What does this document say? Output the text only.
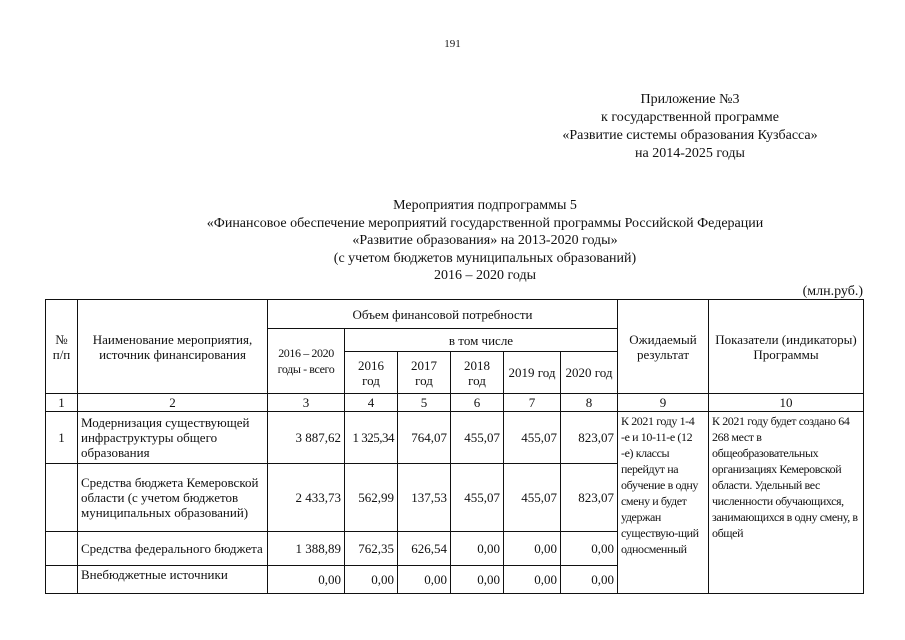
191
Приложение №3
к государственной программе
«Развитие системы образования Кузбасса»
на 2014-2025 годы
Мероприятия подпрограммы 5
«Финансовое обеспечение мероприятий государственной программы Российской Федерации
«Развитие образования» на 2013-2020 годы»
(с учетом бюджетов муниципальных образований)
2016 – 2020 годы
(млн.руб.)
№ п/п	Наименование мероприятия, источник финансирования	Объем финансовой потребности						Ожидаемый результат	Показатели (индикаторы) Программы
		2016 – 2020 годы - всего	в том числе						
			2016 год	2017 год	2018 год	2019 год	2020 год		
1	2	3	4	5	6	7	8	9	10
1	Модернизация существующей инфраструктуры общего образования	3 887,62	1 325,34	764,07	455,07	455,07	823,07	К 2021 году 1-4 -е и 10-11-е (12 -е) классы перейдут на обучение в одну смену и будет удержан существую-щий односменный	К 2021 году будет создано 64 268 мест в общеобразовательных организациях Кемеровской области. Удельный вес численности обучающихся, занимающихся в одну смену, в общей
	Средства бюджета Кемеровской области (с учетом бюджетов муниципальных образований)	2 433,73	562,99	137,53	455,07	455,07	823,07		
	Средства федерального бюджета	1 388,89	762,35	626,54	0,00	0,00	0,00		
	Внебюджетные источники	0,00	0,00	0,00	0,00	0,00	0,00		
